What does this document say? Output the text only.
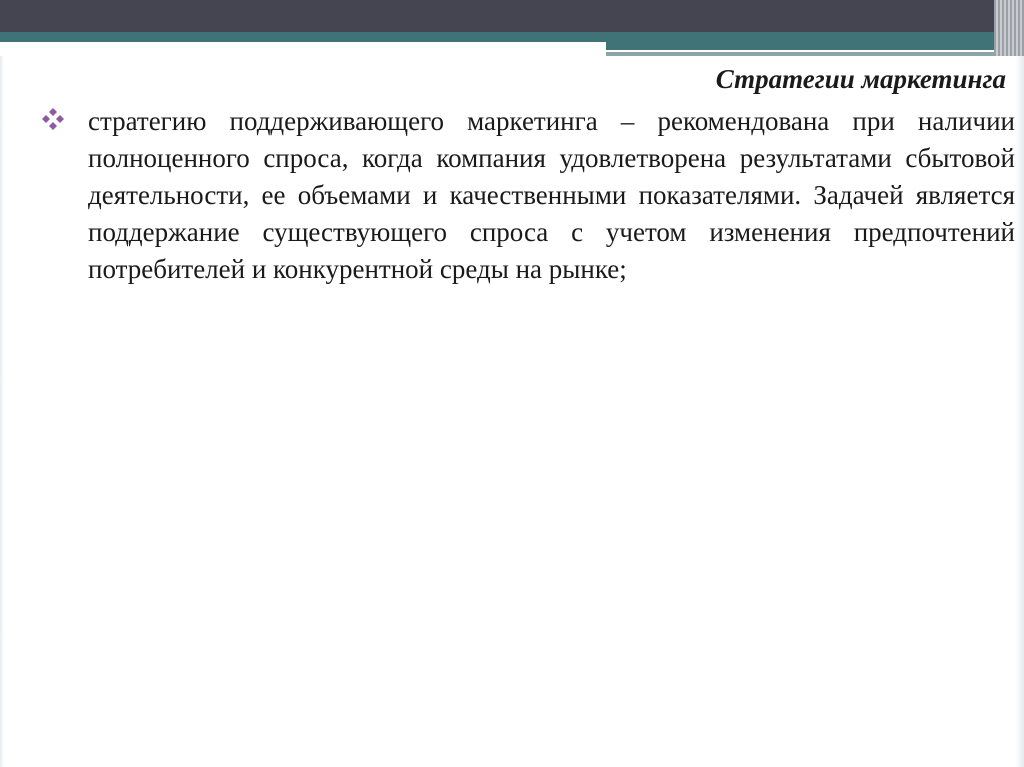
Стратегии маркетинга

стратегию поддерживающего маркетинга – рекомендована при наличии полноценного спроса, когда компания удовлетворена результатами сбытовой деятельности, ее объемами и качественными показателями. Задачей является поддержание существующего спроса с учетом изменения предпочтений потребителей и конкурентной среды на рынке;
